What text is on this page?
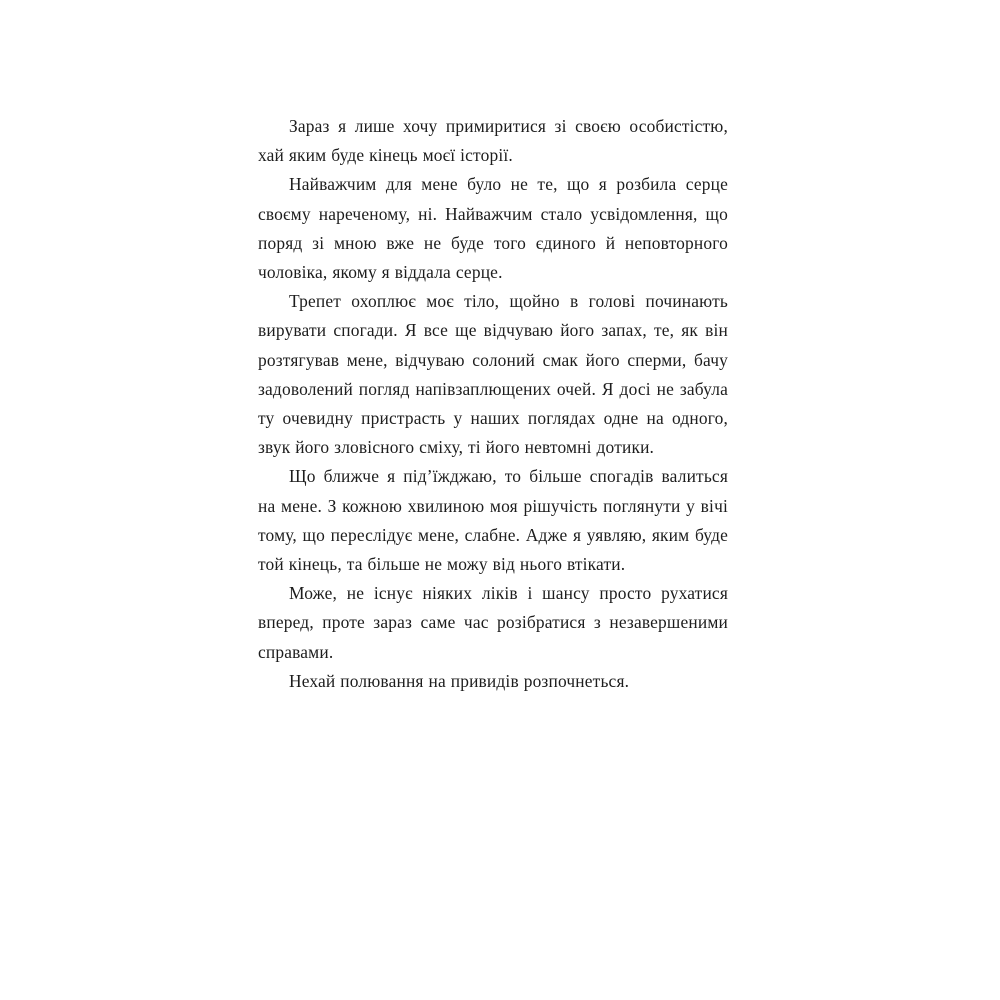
Зараз я лише хочу примиритися зі своєю особистістю, хай яким буде кінець моєї історії.

Найважчим для мене було не те, що я розбила серце своєму нареченому, ні. Найважчим стало усвідомлення, що поряд зі мною вже не буде того єдиного й неповторного чоловіка, якому я віддала серце.

Трепет охоплює моє тіло, щойно в голові починають вирувати спогади. Я все ще відчуваю його запах, те, як він розтягував мене, відчуваю солоний смак його сперми, бачу задоволений погляд напівзаплющених очей. Я досі не забула ту очевидну пристрасть у наших поглядах одне на одного, звук його зловісного сміху, ті його невтомні дотики.

Що ближче я під’їжджаю, то більше спогадів валиться на мене. З кожною хвилиною моя рішучість поглянути у вічі тому, що переслідує мене, слабне. Адже я уявляю, яким буде той кінець, та більше не можу від нього втікати.

Може, не існує ніяких ліків і шансу просто рухатися вперед, проте зараз саме час розібратися з незавершеними справами.

Нехай полювання на привидів розпочнеться.
